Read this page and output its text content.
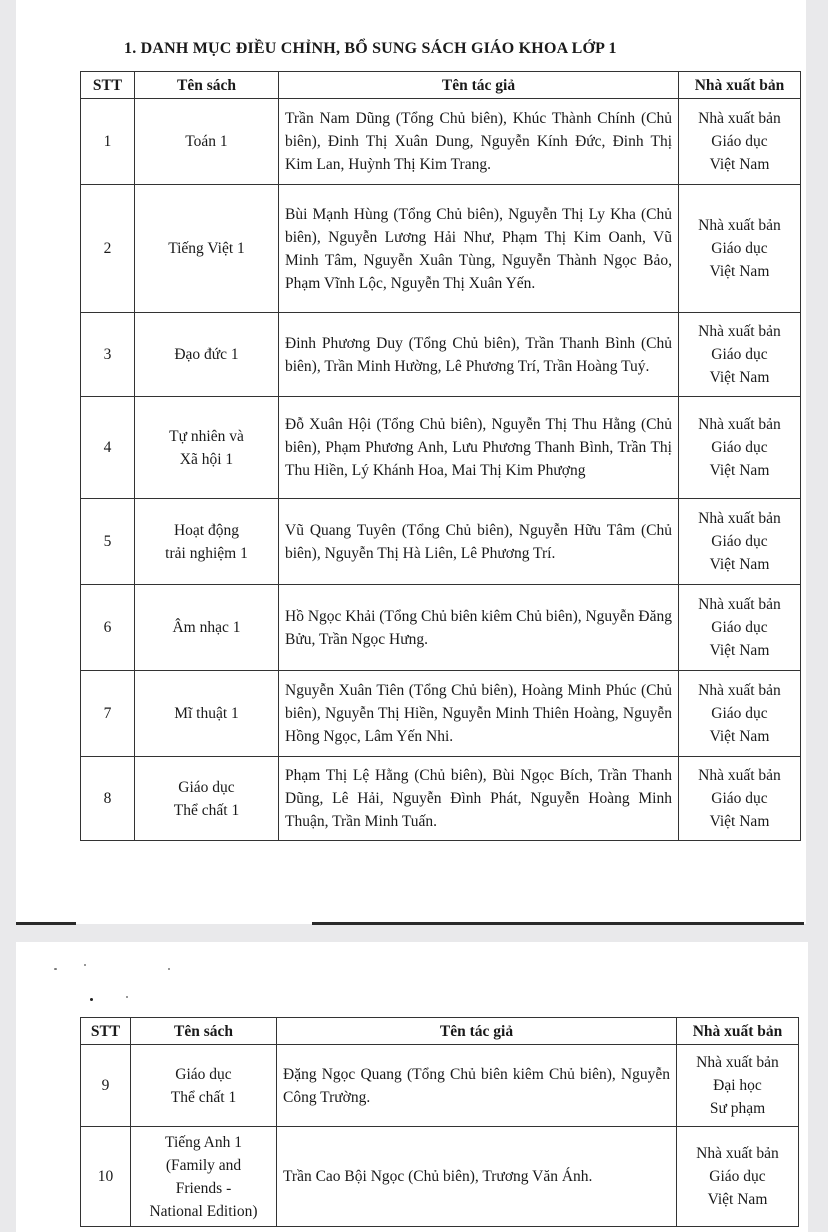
1. DANH MỤC ĐIỀU CHỈNH, BỔ SUNG SÁCH GIÁO KHOA LỚP 1
STT	Tên sách	Tên tác giả	Nhà xuất bản
1	Toán 1	Trần Nam Dũng (Tổng Chủ biên), Khúc Thành Chính (Chủ biên), Đinh Thị Xuân Dung, Nguyễn Kính Đức, Đinh Thị Kim Lan, Huỳnh Thị Kim Trang.	Nhà xuất bản
Giáo dục
Việt Nam

2	Tiếng Việt 1	Bùi Mạnh Hùng (Tổng Chủ biên), Nguyễn Thị Ly Kha (Chủ biên), Nguyễn Lương Hải Như, Phạm Thị Kim Oanh, Vũ Minh Tâm, Nguyễn Xuân Tùng, Nguyễn Thành Ngọc Bảo, Phạm Vĩnh Lộc, Nguyễn Thị Xuân Yến.	Nhà xuất bản
Giáo dục
Việt Nam

3	Đạo đức 1	Đinh Phương Duy (Tổng Chủ biên), Trần Thanh Bình (Chủ biên), Trần Minh Hường, Lê Phương Trí, Trần Hoàng Tuý.	Nhà xuất bản
Giáo dục
Việt Nam

4	Tự nhiên và
Xã hội 1	Đỗ Xuân Hội (Tổng Chủ biên), Nguyễn Thị Thu Hằng (Chủ biên), Phạm Phương Anh, Lưu Phương Thanh Bình, Trần Thị Thu Hiền, Lý Khánh Hoa, Mai Thị Kim Phượng	Nhà xuất bản
Giáo dục
Việt Nam

5	Hoạt động
trải nghiệm 1	Vũ Quang Tuyên (Tổng Chủ biên), Nguyễn Hữu Tâm (Chủ biên), Nguyễn Thị Hà Liên, Lê Phương Trí.	Nhà xuất bản
Giáo dục
Việt Nam

6	Âm nhạc 1	Hồ Ngọc Khải (Tổng Chủ biên kiêm Chủ biên), Nguyễn Đăng Bửu, Trần Ngọc Hưng.	Nhà xuất bản
Giáo dục
Việt Nam

7	Mĩ thuật 1	Nguyễn Xuân Tiên (Tổng Chủ biên), Hoàng Minh Phúc (Chủ biên), Nguyễn Thị Hiền, Nguyễn Minh Thiên Hoàng, Nguyễn Hồng Ngọc, Lâm Yến Nhi.	Nhà xuất bản
Giáo dục
Việt Nam

8	Giáo dục
Thể chất 1	Phạm Thị Lệ Hằng (Chủ biên), Bùi Ngọc Bích, Trần Thanh Dũng, Lê Hải, Nguyễn Đình Phát, Nguyễn Hoàng Minh Thuận, Trần Minh Tuấn.	Nhà xuất bản
Giáo dục
Việt Nam
STT	Tên sách	Tên tác giả	Nhà xuất bản
9	Giáo dục
Thể chất 1	Đặng Ngọc Quang (Tổng Chủ biên kiêm Chủ biên), Nguyễn Công Trường.	Nhà xuất bản
Đại học
Sư phạm

10	Tiếng Anh 1
(Family and
Friends -
National Edition)	Trần Cao Bội Ngọc (Chủ biên), Trương Văn Ánh.	Nhà xuất bản
Giáo dục
Việt Nam
